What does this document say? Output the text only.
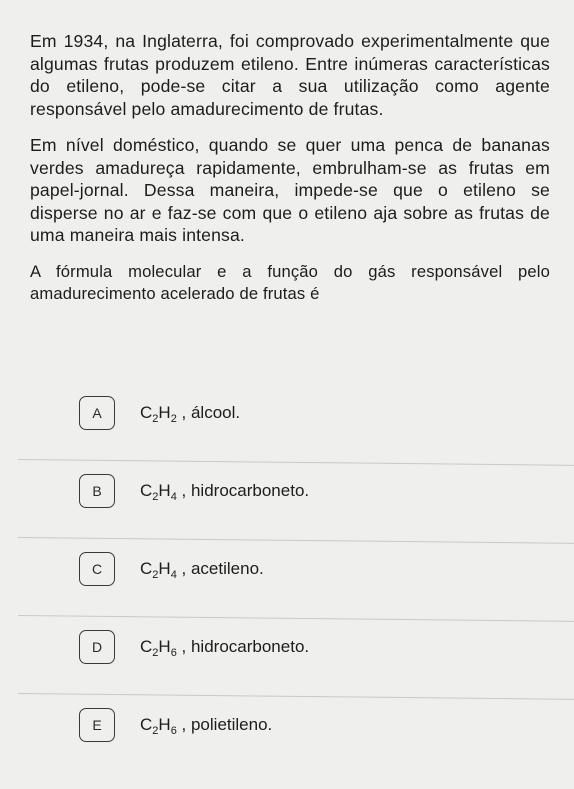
Em 1934, na Inglaterra, foi comprovado experimentalmente que algumas frutas produzem etileno. Entre inúmeras características do etileno, pode-se citar a sua utilização como agente responsável pelo amadurecimento de frutas.

Em nível doméstico, quando se quer uma penca de bananas verdes amadureça rapidamente, embrulham-se as frutas em papel-jornal. Dessa maneira, impede-se que o etileno se disperse no ar e faz-se com que o etileno aja sobre as frutas de uma maneira mais intensa.

A fórmula molecular e a função do gás responsável pelo amadurecimento acelerado de frutas é

A	$C_2H_2$ , álcool.
B	$C_2H_4$ , hidrocarboneto.
C	$C_2H_4$ , acetileno.
D	$C_2H_6$ , hidrocarboneto.
E	$C_2H_6$ , polietileno.
